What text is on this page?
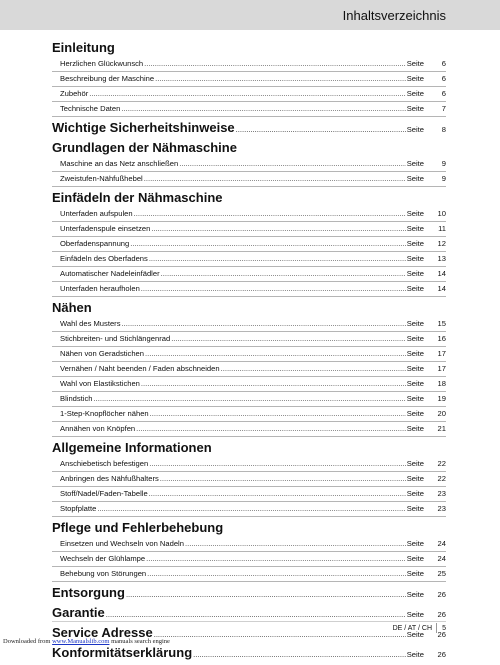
Inhaltsverzeichnis
Einleitung
Herzlichen Glückwunsch .....	Seite	6
Beschreibung der Maschine .....	Seite	6
Zubehör .....	Seite	6
Technische Daten .....	Seite	7
Wichtige Sicherheitshinweise .....	Seite	8
Grundlagen der Nähmaschine
Maschine an das Netz anschließen .....	Seite	9
Zweistufen-Nähfußhebel .....	Seite	9
Einfädeln der Nähmaschine
Unterfaden aufspulen .....	Seite	10
Unterfadenspule einsetzen .....	Seite	11
Oberfadenspannung .....	Seite	12
Einfädeln des Oberfadens .....	Seite	13
Automatischer Nadeleinfädler .....	Seite	14
Unterfaden heraufholen .....	Seite	14
Nähen
Wahl des Musters .....	Seite	15
Stichbreiten- und Stichlängenrad .....	Seite	16
Nähen von Geradstichen .....	Seite	17
Vernähen / Naht beenden / Faden abschneiden .....	Seite	17
Wahl von Elastikstichen .....	Seite	18
Blindstich .....	Seite	19
1-Step-Knopflöcher nähen .....	Seite	20
Annähen von Knöpfen .....	Seite	21
Allgemeine Informationen
Anschiebetisch befestigen .....	Seite	22
Anbringen des Nähfußhalters .....	Seite	22
Stoff/Nadel/Faden-Tabelle .....	Seite	23
Stopfplatte .....	Seite	23
Pflege und Fehlerbehebung
Einsetzen und Wechseln von Nadeln .....	Seite	24
Wechseln der Glühlampe .....	Seite	24
Behebung von Störungen .....	Seite	25
Entsorgung .....	Seite	26
Garantie .....	Seite	26
Service Adresse .....	Seite	26
Konformitätserklärung .....	Seite	26
DE / AT / CH 5
Downloaded from www.Manualslib.com manuals search engine
